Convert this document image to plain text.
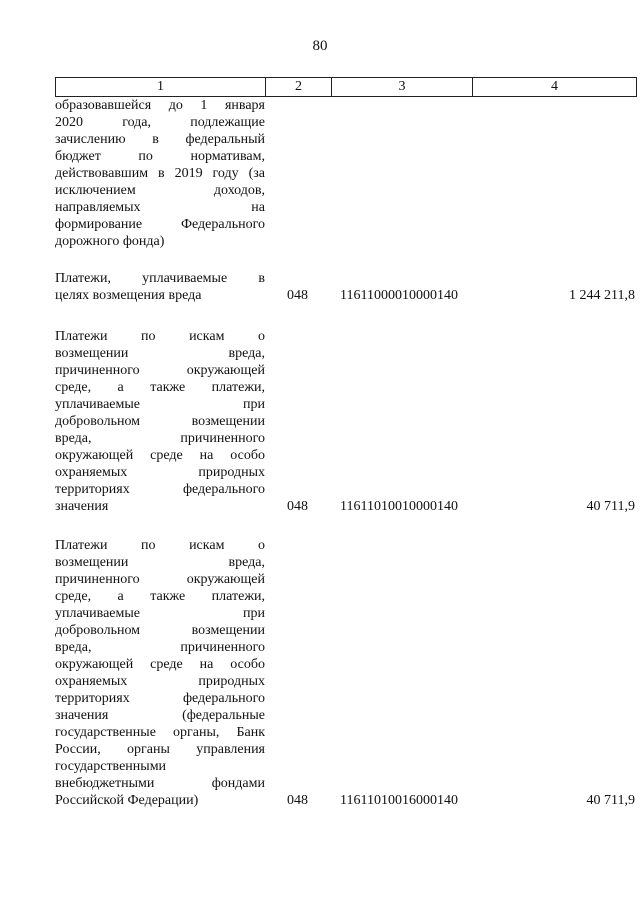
80
1	2	3	4
образовавшейся до 1 января
2020 года, подлежащие
зачислению в федеральный
бюджет по нормативам,
действовавшим в 2019 году (за
исключением доходов,
направляемых на
формирование Федерального
дорожного фонда)
Платежи, уплачиваемые в
целях возмещения вреда	048	11611000010000140	1 244 211,8
Платежи по искам о
возмещении вреда,
причиненного окружающей
среде, а также платежи,
уплачиваемые при
добровольном возмещении
вреда, причиненного
окружающей среде на особо
охраняемых природных
территориях федерального
значения	048	11611010010000140	40 711,9
Платежи по искам о
возмещении вреда,
причиненного окружающей
среде, а также платежи,
уплачиваемые при
добровольном возмещении
вреда, причиненного
окружающей среде на особо
охраняемых природных
территориях федерального
значения (федеральные
государственные органы, Банк
России, органы управления
государственными
внебюджетными фондами
Российской Федерации)	048	11611010016000140	40 711,9
